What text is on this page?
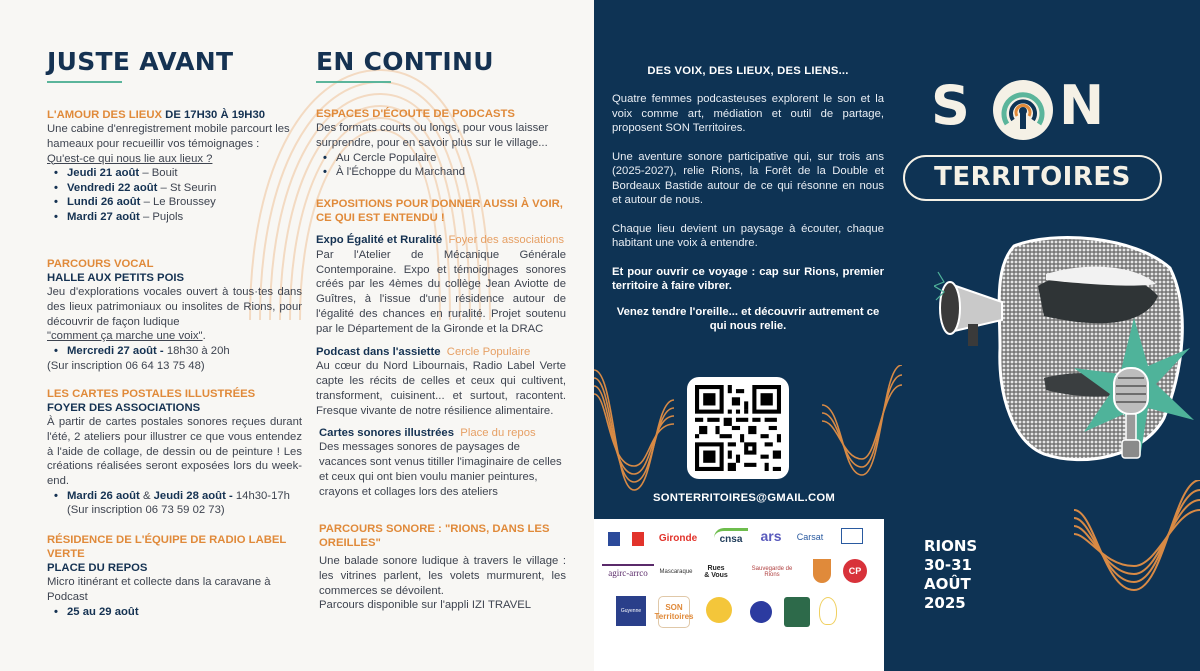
JUSTE AVANT
L'AMOUR DES LIEUX DE 17H30 À 19H30
Une cabine d'enregistrement mobile parcourt les hameaux pour recueillir vos témoignages :
Qu'est-ce qui nous lie aux lieux ?
• Jeudi 21 août – Bouit
• Vendredi 22 août – St Seurin
• Lundi 26 août – Le Broussey
• Mardi 27 août – Pujols
PARCOURS VOCAL
HALLE AUX PETITS POIS
Jeu d'explorations vocales ouvert à tous·tes dans des lieux patrimoniaux ou insolites de Rions, pour découvrir de façon ludique
"comment ça marche une voix".
• Mercredi 27 août - 18h30 à 20h
(Sur inscription 06 64 13 75 48)
LES CARTES POSTALES ILLUSTRÉES
FOYER DES ASSOCIATIONS
À partir de cartes postales sonores reçues durant l'été, 2 ateliers pour illustrer ce que vous entendez à l'aide de collage, de dessin ou de peinture ! Les créations réalisées seront exposées lors du week-end.
• Mardi 26 août & Jeudi 28 août - 14h30-17h (Sur inscription 06 73 59 02 73)
RÉSIDENCE DE L'ÉQUIPE DE RADIO LABEL VERTE
PLACE DU REPOS
Micro itinérant et collecte dans la caravane à Podcast
• 25 au 29 août
EN CONTINU
ESPACES D'ÉCOUTE DE PODCASTS
Des formats courts ou longs, pour vous laisser surprendre, pour en savoir plus sur le village...
• Au Cercle Populaire
• À l'Échoppe du Marchand
EXPOSITIONS POUR DONNER AUSSI À VOIR, CE QUI EST ENTENDU !
Expo Égalité et Ruralité Foyer des associations
Par l'Atelier de Mécanique Générale Contemporaine. Expo et témoignages sonores créés par les 4èmes du collège Jean Aviotte de Guîtres, à l'issue d'une résidence autour de l'égalité des chances en ruralité. Projet soutenu par le Département de la Gironde et la DRAC
Podcast dans l'assiette Cercle Populaire
Au cœur du Nord Libournais, Radio Label Verte capte les récits de celles et ceux qui cultivent, transforment, cuisinent... et surtout, racontent. Fresque vivante de notre résilience alimentaire.
Cartes sonores illustrées Place du repos
Des messages sonores de paysages de vacances sont venus titiller l'imaginaire de celles et ceux qui ont bien voulu manier peintures, crayons et collages lors des ateliers
PARCOURS SONORE : "RIONS, DANS LES OREILLES"
Une balade sonore ludique à travers le village : les vitrines parlent, les volets murmurent, les commerces se dévoilent.
Parcours disponible sur l'appli IZI TRAVEL
DES VOIX, DES LIEUX, DES LIENS...

Quatre femmes podcasteuses explorent le son et la voix comme art, médiation et outil de partage, proposent SON Territoires.

Une aventure sonore participative qui, sur trois ans (2025-2027), relie Rions, la Forêt de la Double et Bordeaux Bastide autour de ce qui résonne en nous et autour de nous.

Chaque lieu devient un paysage à écouter, chaque habitant une voix à entendre.

Et pour ouvrir ce voyage : cap sur Rions, premier territoire à faire vibrer.

Venez tendre l'oreille... et découvrir autrement ce qui nous relie.

SONTERRITOIRES@GMAIL.COM
Gironde	cnsa	ars	Carsat
agirc-arrco	Mascaraque	Rues & Vous
Sauvegarde de Rions	CP
Guyenne	SON Territoires
S N
TERRITOIRES
RIONS
30-31
AOÛT
2025
